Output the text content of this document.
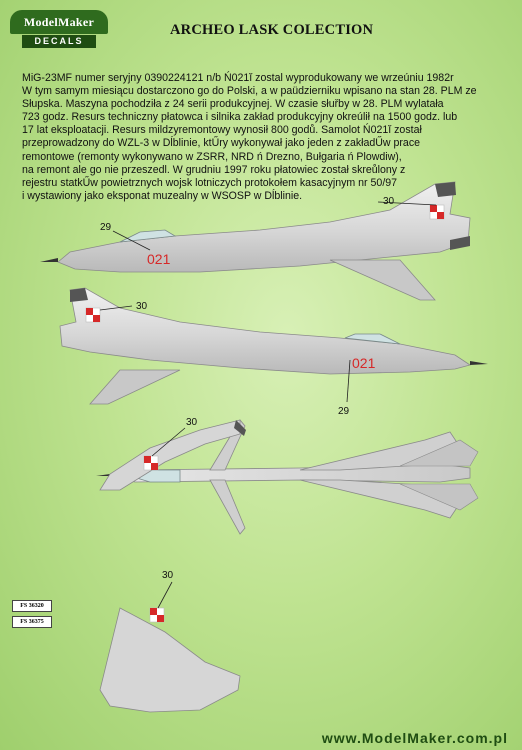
ModelMaker
DECALS
ARCHEO LASK COLECTION
MiG-23MF numer seryjny 0390224121 n/b Ń021ĭ zostal wyprodukowany we wrzeúniu 1982r
W tym samym miesiącu dostarczono go do Polski, a w paüdzierniku wpisano na stan 28. PLM ze
Słupska. Maszyna pochodziła z 24 serii produkcyjnej. W czasie słuřby w 28. PLM wylatała
723 godz. Resurs techniczny płatowca i silnika zakład produkcyjny okreúlił na 1500 godz. lub
17 lat eksploatacji. Resurs mildzyremontowy wynosił 800 godů. Samolot Ń021ĭ został
przeprowadzony do WZL-3 w Dĺblinie, ktŰry wykonywał jako jeden z zakładŰw prace
remontowe (remonty wykonywano w ZSRR, NRD ń Drezno, Bułgaria ń Plowdiw),
na remont ale go nie przeszedl. W grudniu 1997 roku płatowiec został skreůlony z
rejestru statkŰw powietrznych wojsk lotniczych protokołem kasacyjnym nr 50/97
i wystawiony jako eksponat muzealny w WSOSP w Dĺblinie.
021
30
29
021
30
29
30
30
FS 36320
FS 36375
www.ModelMaker.com.pl
